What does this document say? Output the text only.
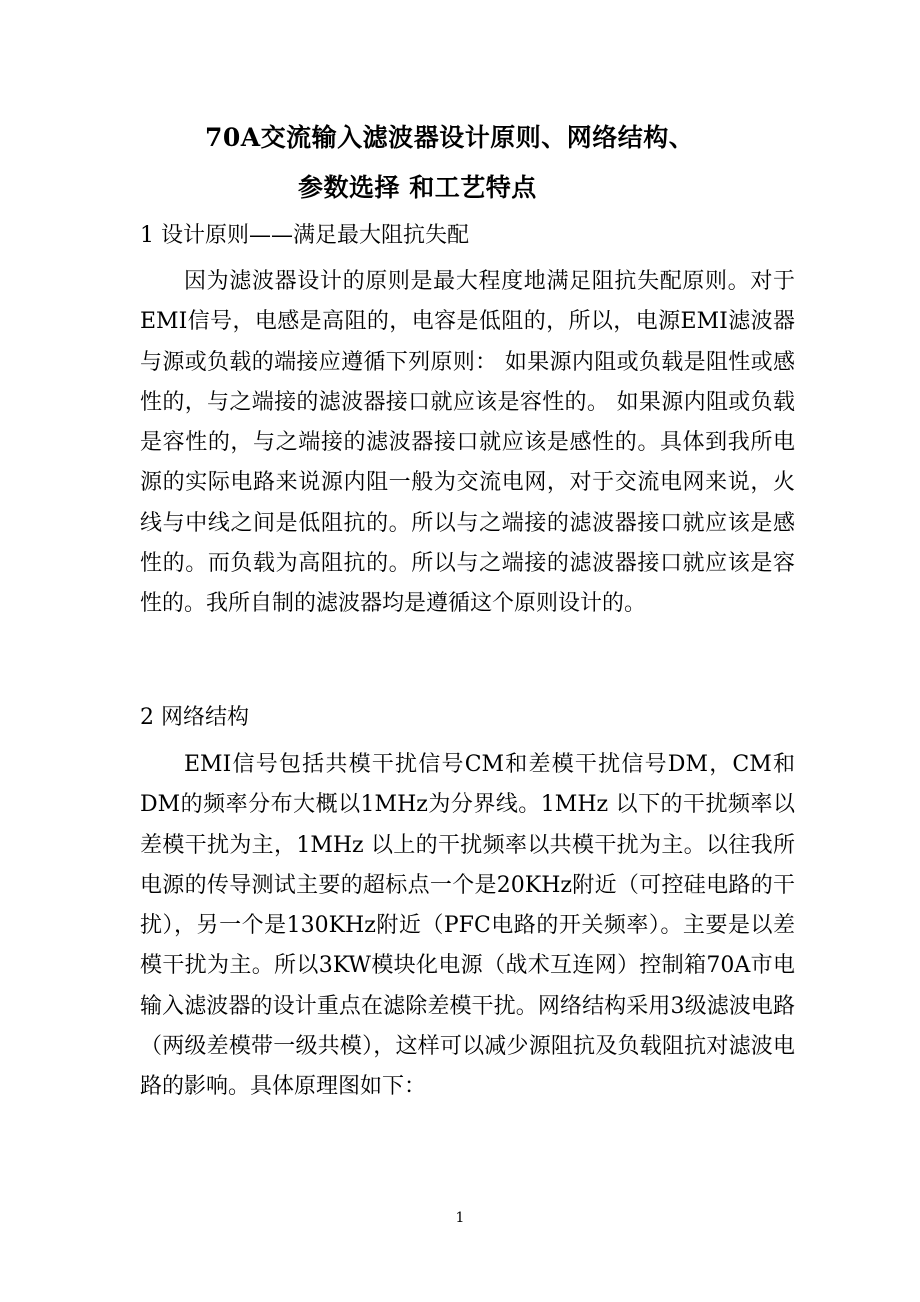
70A交流输入滤波器设计原则、网络结构、
参数选择 和工艺特点
1 设计原则——满足最大阻抗失配
因为滤波器设计的原则是最大程度地满足阻抗失配原则。对于EMI信号，电感是高阻的，电容是低阻的，所以，电源EMI滤波器与源或负载的端接应遵循下列原则： 如果源内阻或负载是阻性或感性的，与之端接的滤波器接口就应该是容性的。 如果源内阻或负载是容性的，与之端接的滤波器接口就应该是感性的。具体到我所电源的实际电路来说源内阻一般为交流电网，对于交流电网来说，火线与中线之间是低阻抗的。所以与之端接的滤波器接口就应该是感性的。而负载为高阻抗的。所以与之端接的滤波器接口就应该是容性的。我所自制的滤波器均是遵循这个原则设计的。
2 网络结构
EMI信号包括共模干扰信号CM和差模干扰信号DM，CM和DM的频率分布大概以1MHz为分界线。1MHz 以下的干扰频率以差模干扰为主，1MHz 以上的干扰频率以共模干扰为主。以往我所电源的传导测试主要的超标点一个是20KHz附近（可控硅电路的干扰），另一个是130KHz附近（PFC电路的开关频率）。主要是以差模干扰为主。所以3KW模块化电源（战术互连网）控制箱70A市电输入滤波器的设计重点在滤除差模干扰。网络结构采用3级滤波电路（两级差模带一级共模），这样可以减少源阻抗及负载阻抗对滤波电路的影响。具体原理图如下：
1
